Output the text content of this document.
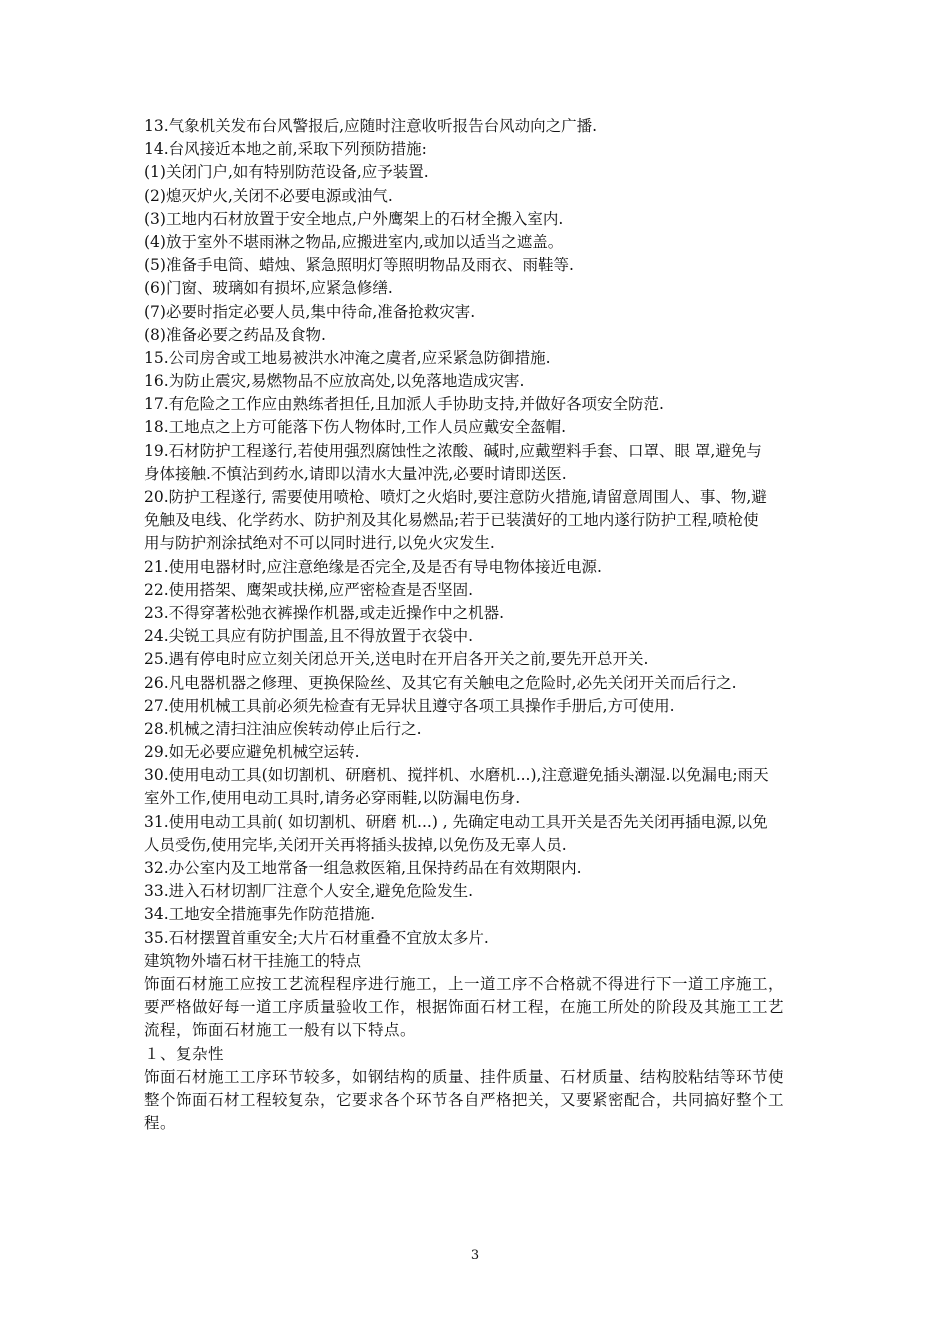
13.气象机关发布台风警报后,应随时注意收听报告台风动向之广播.
14.台风接近本地之前,采取下列预防措施:
(1)关闭门户,如有特别防范设备,应予装置.
(2)熄灭炉火,关闭不必要电源或油气.
(3)工地内石材放置于安全地点,户外鹰架上的石材全搬入室内.
(4)放于室外不堪雨淋之物品,应搬进室内,或加以适当之遮盖。
(5)准备手电筒、蜡烛、紧急照明灯等照明物品及雨衣、雨鞋等.
(6)门窗、玻璃如有损坏,应紧急修缮.
(7)必要时指定必要人员,集中待命,准备抢救灾害.
(8)准备必要之药品及食物.
15.公司房舍或工地易被洪水冲淹之虞者,应采紧急防御措施.
16.为防止震灾,易燃物品不应放高处,以免落地造成灾害.
17.有危险之工作应由熟练者担任,且加派人手协助支持,并做好各项安全防范.
18.工地点之上方可能落下伤人物体时,工作人员应戴安全盔帽.
19.石材防护工程遂行,若使用强烈腐蚀性之浓酸、碱时,应戴塑料手套、口罩、眼 罩,避免与
身体接触.不慎沾到药水,请即以清水大量冲洗,必要时请即送医.
20.防护工程遂行, 需要使用喷枪、喷灯之火焰时,要注意防火措施,请留意周围人、事、物,避
免触及电线、化学药水、防护剂及其化易燃品;若于已装潢好的工地内遂行防护工程,喷枪使
用与防护剂涂拭绝对不可以同时进行,以免火灾发生.
21.使用电器材时,应注意绝缘是否完全,及是否有导电物体接近电源.
22.使用搭架、鹰架或扶梯,应严密检查是否坚固.
23.不得穿著松弛衣裤操作机器,或走近操作中之机器.
24.尖锐工具应有防护围盖,且不得放置于衣袋中.
25.遇有停电时应立刻关闭总开关,送电时在开启各开关之前,要先开总开关.
26.凡电器机器之修理、更换保险丝、及其它有关触电之危险时,必先关闭开关而后行之.
27.使用机械工具前必须先检查有无异状且遵守各项工具操作手册后,方可使用.
28.机械之清扫注油应俟转动停止后行之.
29.如无必要应避免机械空运转.
30.使用电动工具(如切割机、研磨机、搅拌机、水磨机...),注意避免插头潮湿.以免漏电;雨天
室外工作,使用电动工具时,请务必穿雨鞋,以防漏电伤身.
31.使用电动工具前( 如切割机、研磨 机...) , 先确定电动工具开关是否先关闭再插电源,以免
人员受伤,使用完毕,关闭开关再将插头拔掉,以免伤及无辜人员.
32.办公室内及工地常备一组急救医箱,且保持药品在有效期限内.
33.进入石材切割厂注意个人安全,避免危险发生.
34.工地安全措施事先作防范措施.
35.石材摆置首重安全;大片石材重叠不宜放太多片.
建筑物外墙石材干挂施工的特点
饰面石材施工应按工艺流程程序进行施工，上一道工序不合格就不得进行下一道工序施工，
要严格做好每一道工序质量验收工作，根据饰面石材工程，在施工所处的阶段及其施工工艺
流程，饰面石材施工一般有以下特点。
１、复杂性
饰面石材施工工序环节较多，如钢结构的质量、挂件质量、石材质量、结构胶粘结等环节使
整个饰面石材工程较复杂，它要求各个环节各自严格把关，又要紧密配合，共同搞好整个工
程。
3
